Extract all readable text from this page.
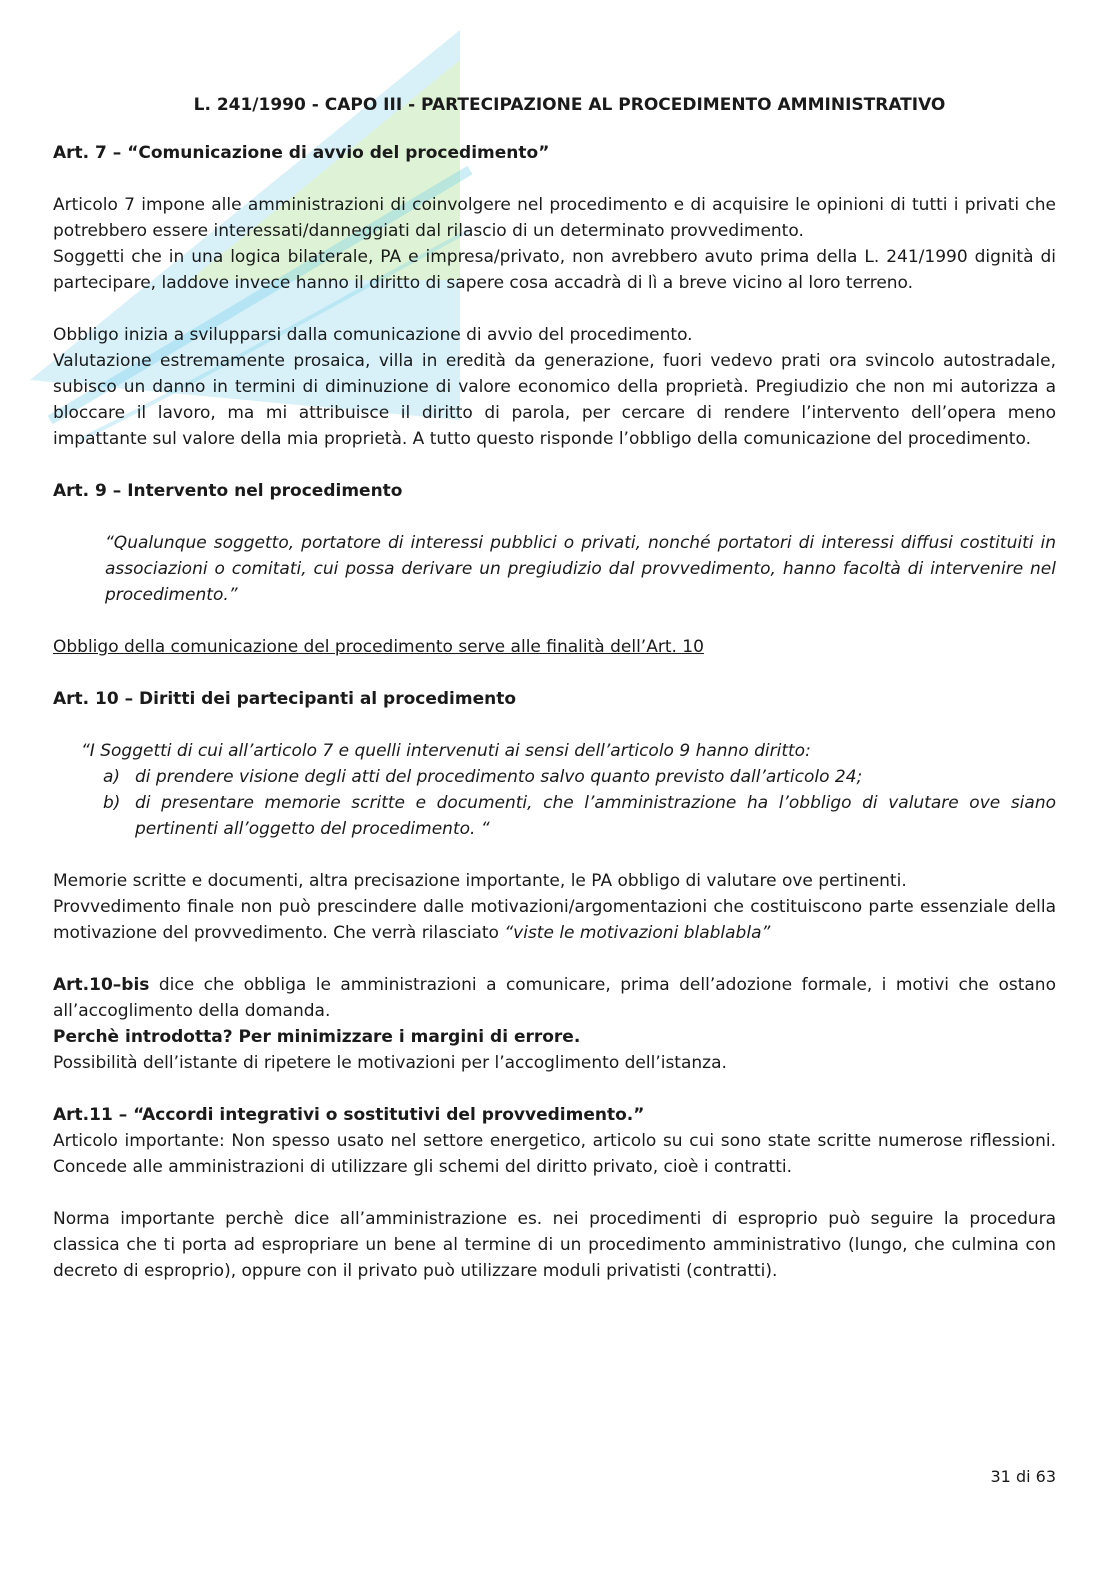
L. 241/1990 - CAPO III - PARTECIPAZIONE AL PROCEDIMENTO AMMINISTRATIVO
Art. 7 – “Comunicazione di avvio del procedimento”

Articolo 7 impone alle amministrazioni di coinvolgere nel procedimento e di acquisire le opinioni di tutti i privati che potrebbero essere interessati/danneggiati dal rilascio di un determinato provvedimento.

Soggetti che in una logica bilaterale, PA e impresa/privato, non avrebbero avuto prima della L. 241/1990 dignità di partecipare, laddove invece hanno il diritto di sapere cosa accadrà di lì a breve vicino al loro terreno.

Obbligo inizia a svilupparsi dalla comunicazione di avvio del procedimento.

Valutazione estremamente prosaica, villa in eredità da generazione, fuori vedevo prati ora svincolo autostradale, subisco un danno in termini di diminuzione di valore economico della proprietà. Pregiudizio che non mi autorizza a bloccare il lavoro, ma mi attribuisce il diritto di parola, per cercare di rendere l’intervento dell’opera meno impattante sul valore della mia proprietà. A tutto questo risponde l’obbligo della comunicazione del procedimento.

Art. 9 – Intervento nel procedimento

“Qualunque soggetto, portatore di interessi pubblici o privati, nonché portatori di interessi diffusi costituiti in associazioni o comitati, cui possa derivare un pregiudizio dal provvedimento, hanno facoltà di intervenire nel procedimento.”

Obbligo della comunicazione del procedimento serve alle finalità dell’Art. 10

Art. 10 – Diritti dei partecipanti al procedimento

“I Soggetti di cui all’articolo 7 e quelli intervenuti ai sensi dell’articolo 9 hanno diritto:

a) di prendere visione degli atti del procedimento salvo quanto previsto dall’articolo 24;
b) di presentare memorie scritte e documenti, che l’amministrazione ha l’obbligo di valutare ove siano pertinenti all’oggetto del procedimento. “

Memorie scritte e documenti, altra precisazione importante, le PA obbligo di valutare ove pertinenti.

Provvedimento finale non può prescindere dalle motivazioni/argomentazioni che costituiscono parte essenziale della motivazione del provvedimento. Che verrà rilasciato “viste le motivazioni blablabla”

Art.10–bis dice che obbliga le amministrazioni a comunicare, prima dell’adozione formale, i motivi che ostano all’accoglimento della domanda.

Perchè introdotta? Per minimizzare i margini di errore.

Possibilità dell’istante di ripetere le motivazioni per l’accoglimento dell’istanza.

Art.11 – “Accordi integrativi o sostitutivi del provvedimento.”

Articolo importante: Non spesso usato nel settore energetico, articolo su cui sono state scritte numerose riflessioni. Concede alle amministrazioni di utilizzare gli schemi del diritto privato, cioè i contratti.

Norma importante perchè dice all’amministrazione es. nei procedimenti di esproprio può seguire la procedura classica che ti porta ad espropriare un bene al termine di un procedimento amministrativo (lungo, che culmina con decreto di esproprio), oppure con il privato può utilizzare moduli privatisti (contratti).

31 di 63
